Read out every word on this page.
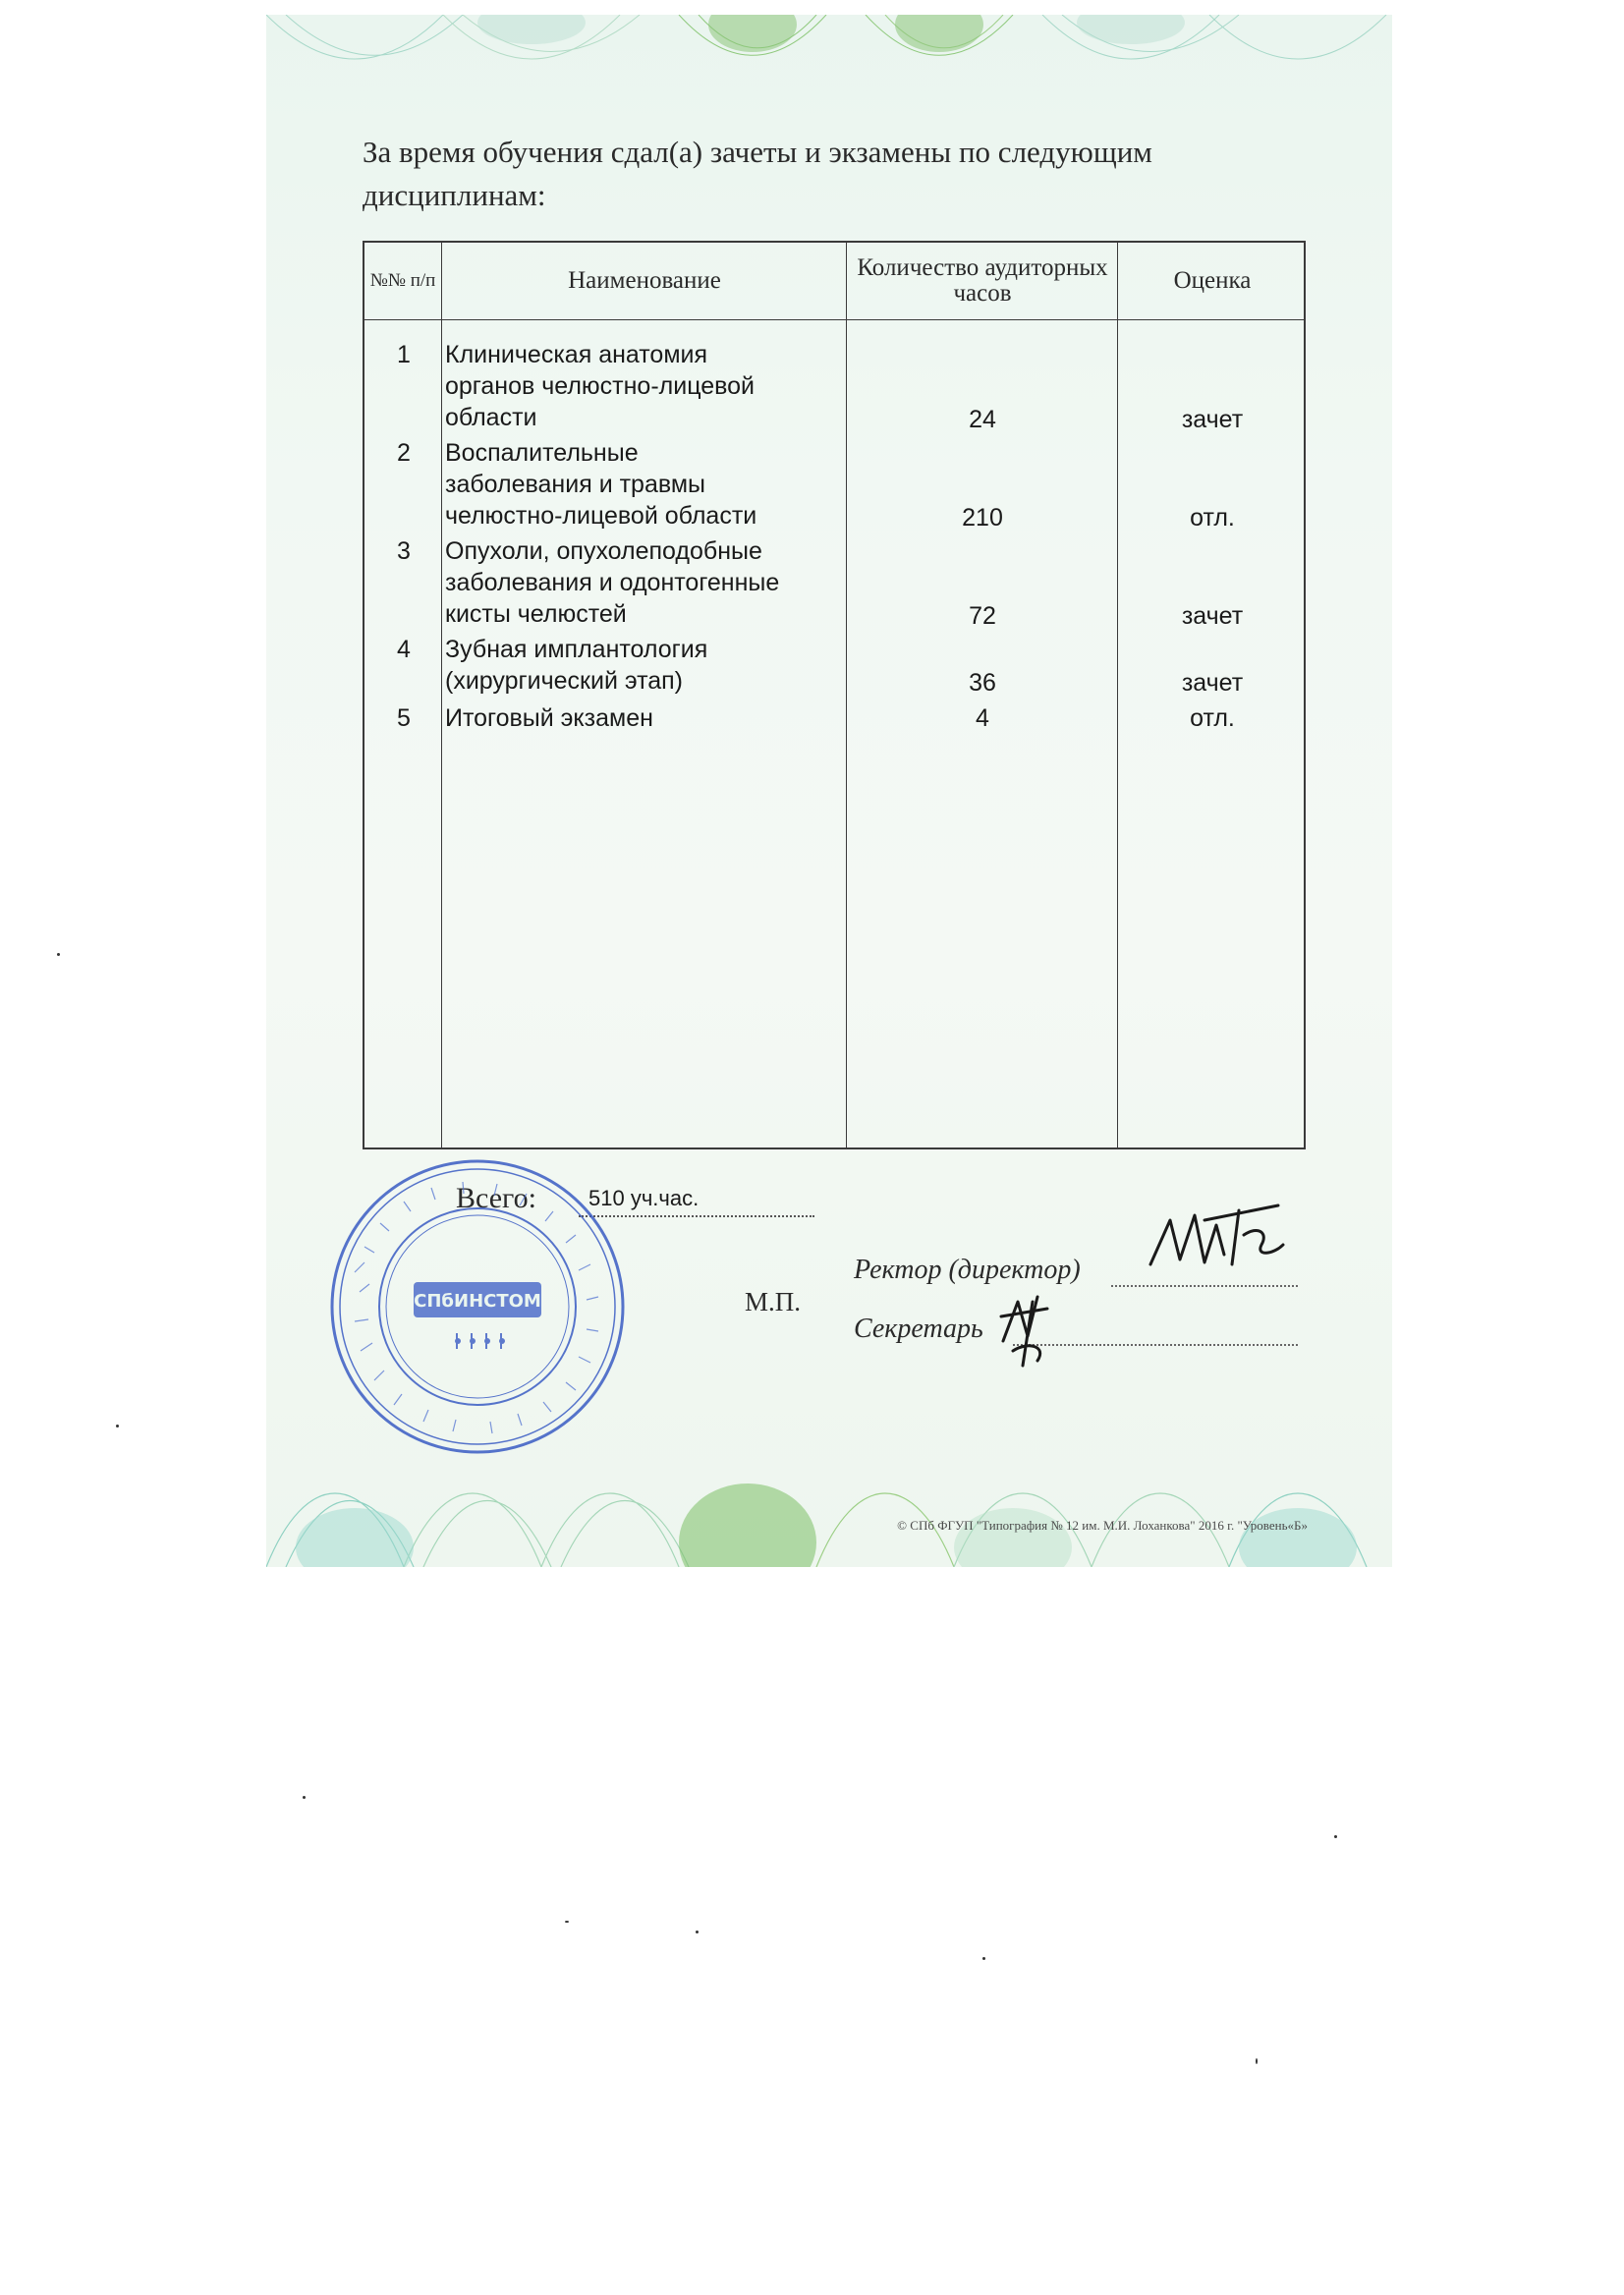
За время обучения сдал(а) зачеты и экзамены по следующим дисциплинам:
№№ п/п	Наименование	Количество аудиторных часов	Оценка
1	Клиническая анатомия
органов челюстно-лицевой
области	24	зачет
2	Воспалительные
заболевания и травмы
челюстно-лицевой области	210	отл.
3	Опухоли, опухолеподобные
заболевания и одонтогенные
кисты челюстей	72	зачет
4	Зубная имплантология
(хирургический этап)	36	зачет
5	Итоговый экзамен	4	отл.
Всего: 510 уч.час.
СПбИНСТОМ	М.П.
Ректор (директор)
Секретарь
© СПб ФГУП "Типография № 12 им. М.И. Лоханкова" 2016 г. "Уровень«Б»
